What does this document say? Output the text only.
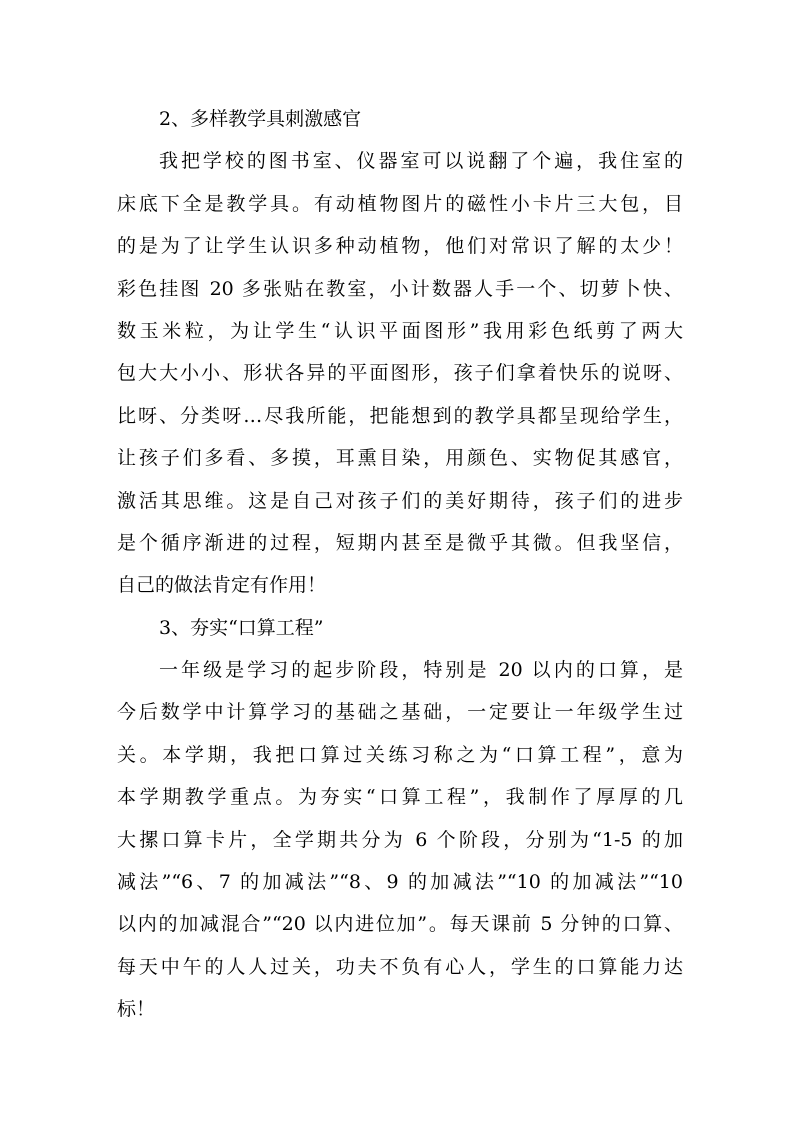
2、多样教学具刺激感官
我把学校的图书室、仪器室可以说翻了个遍，我住室的
床底下全是教学具。有动植物图片的磁性小卡片三大包，目
的是为了让学生认识多种动植物，他们对常识了解的太少！
彩色挂图 20 多张贴在教室，小计数器人手一个、切萝卜快、
数玉米粒，为让学生“认识平面图形”我用彩色纸剪了两大
包大大小小、形状各异的平面图形，孩子们拿着快乐的说呀、
比呀、分类呀…尽我所能，把能想到的教学具都呈现给学生，
让孩子们多看、多摸，耳熏目染，用颜色、实物促其感官，
激活其思维。这是自己对孩子们的美好期待，孩子们的进步
是个循序渐进的过程，短期内甚至是微乎其微。但我坚信，
自己的做法肯定有作用！
3、夯实“口算工程”
一年级是学习的起步阶段，特别是 20 以内的口算，是
今后数学中计算学习的基础之基础，一定要让一年级学生过
关。本学期，我把口算过关练习称之为“口算工程”，意为
本学期教学重点。为夯实“口算工程”，我制作了厚厚的几
大摞口算卡片，全学期共分为 6 个阶段，分别为“1-5 的加
减法”“6、7 的加减法”“8、9 的加减法”“10 的加减法”“10
以内的加减混合”“20 以内进位加”。每天课前 5 分钟的口算、
每天中午的人人过关，功夫不负有心人，学生的口算能力达
标！
